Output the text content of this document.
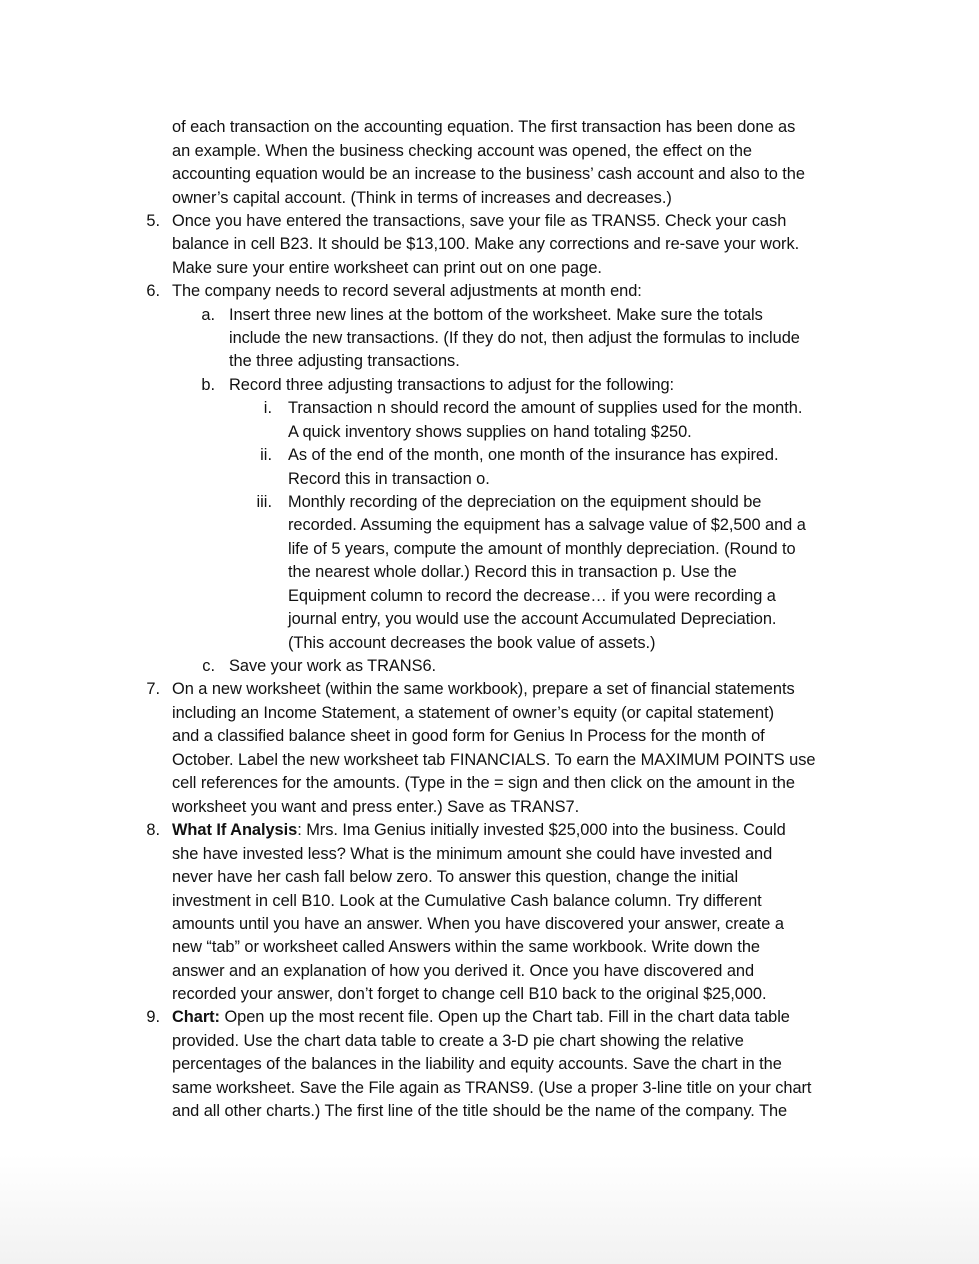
of each transaction on the accounting equation. The first transaction has been done as
an example. When the business checking account was opened, the effect on the
accounting equation would be an increase to the business’ cash account and also to the
owner’s capital account. (Think in terms of increases and decreases.)
5. Once you have entered the transactions, save your file as TRANS5. Check your cash
balance in cell B23. It should be $13,100. Make any corrections and re-save your work.
Make sure your entire worksheet can print out on one page.
6. The company needs to record several adjustments at month end:
a. Insert three new lines at the bottom of the worksheet. Make sure the totals
include the new transactions. (If they do not, then adjust the formulas to include
the three adjusting transactions.
b. Record three adjusting transactions to adjust for the following:
i. Transaction n should record the amount of supplies used for the month.
A quick inventory shows supplies on hand totaling $250.
ii. As of the end of the month, one month of the insurance has expired.
Record this in transaction o.
iii. Monthly recording of the depreciation on the equipment should be
recorded. Assuming the equipment has a salvage value of $2,500 and a
life of 5 years, compute the amount of monthly depreciation. (Round to
the nearest whole dollar.) Record this in transaction p. Use the
Equipment column to record the decrease… if you were recording a
journal entry, you would use the account Accumulated Depreciation.
(This account decreases the book value of assets.)
c. Save your work as TRANS6.
7. On a new worksheet (within the same workbook), prepare a set of financial statements
including an Income Statement, a statement of owner’s equity (or capital statement)
and a classified balance sheet in good form for Genius In Process for the month of
October. Label the new worksheet tab FINANCIALS. To earn the MAXIMUM POINTS use
cell references for the amounts. (Type in the = sign and then click on the amount in the
worksheet you want and press enter.) Save as TRANS7.
8. What If Analysis: Mrs. Ima Genius initially invested $25,000 into the business. Could
she have invested less? What is the minimum amount she could have invested and
never have her cash fall below zero. To answer this question, change the initial
investment in cell B10. Look at the Cumulative Cash balance column. Try different
amounts until you have an answer. When you have discovered your answer, create a
new “tab” or worksheet called Answers within the same workbook. Write down the
answer and an explanation of how you derived it. Once you have discovered and
recorded your answer, don’t forget to change cell B10 back to the original $25,000.
9. Chart: Open up the most recent file. Open up the Chart tab. Fill in the chart data table
provided. Use the chart data table to create a 3-D pie chart showing the relative
percentages of the balances in the liability and equity accounts. Save the chart in the
same worksheet. Save the File again as TRANS9. (Use a proper 3-line title on your chart
and all other charts.) The first line of the title should be the name of the company. The
